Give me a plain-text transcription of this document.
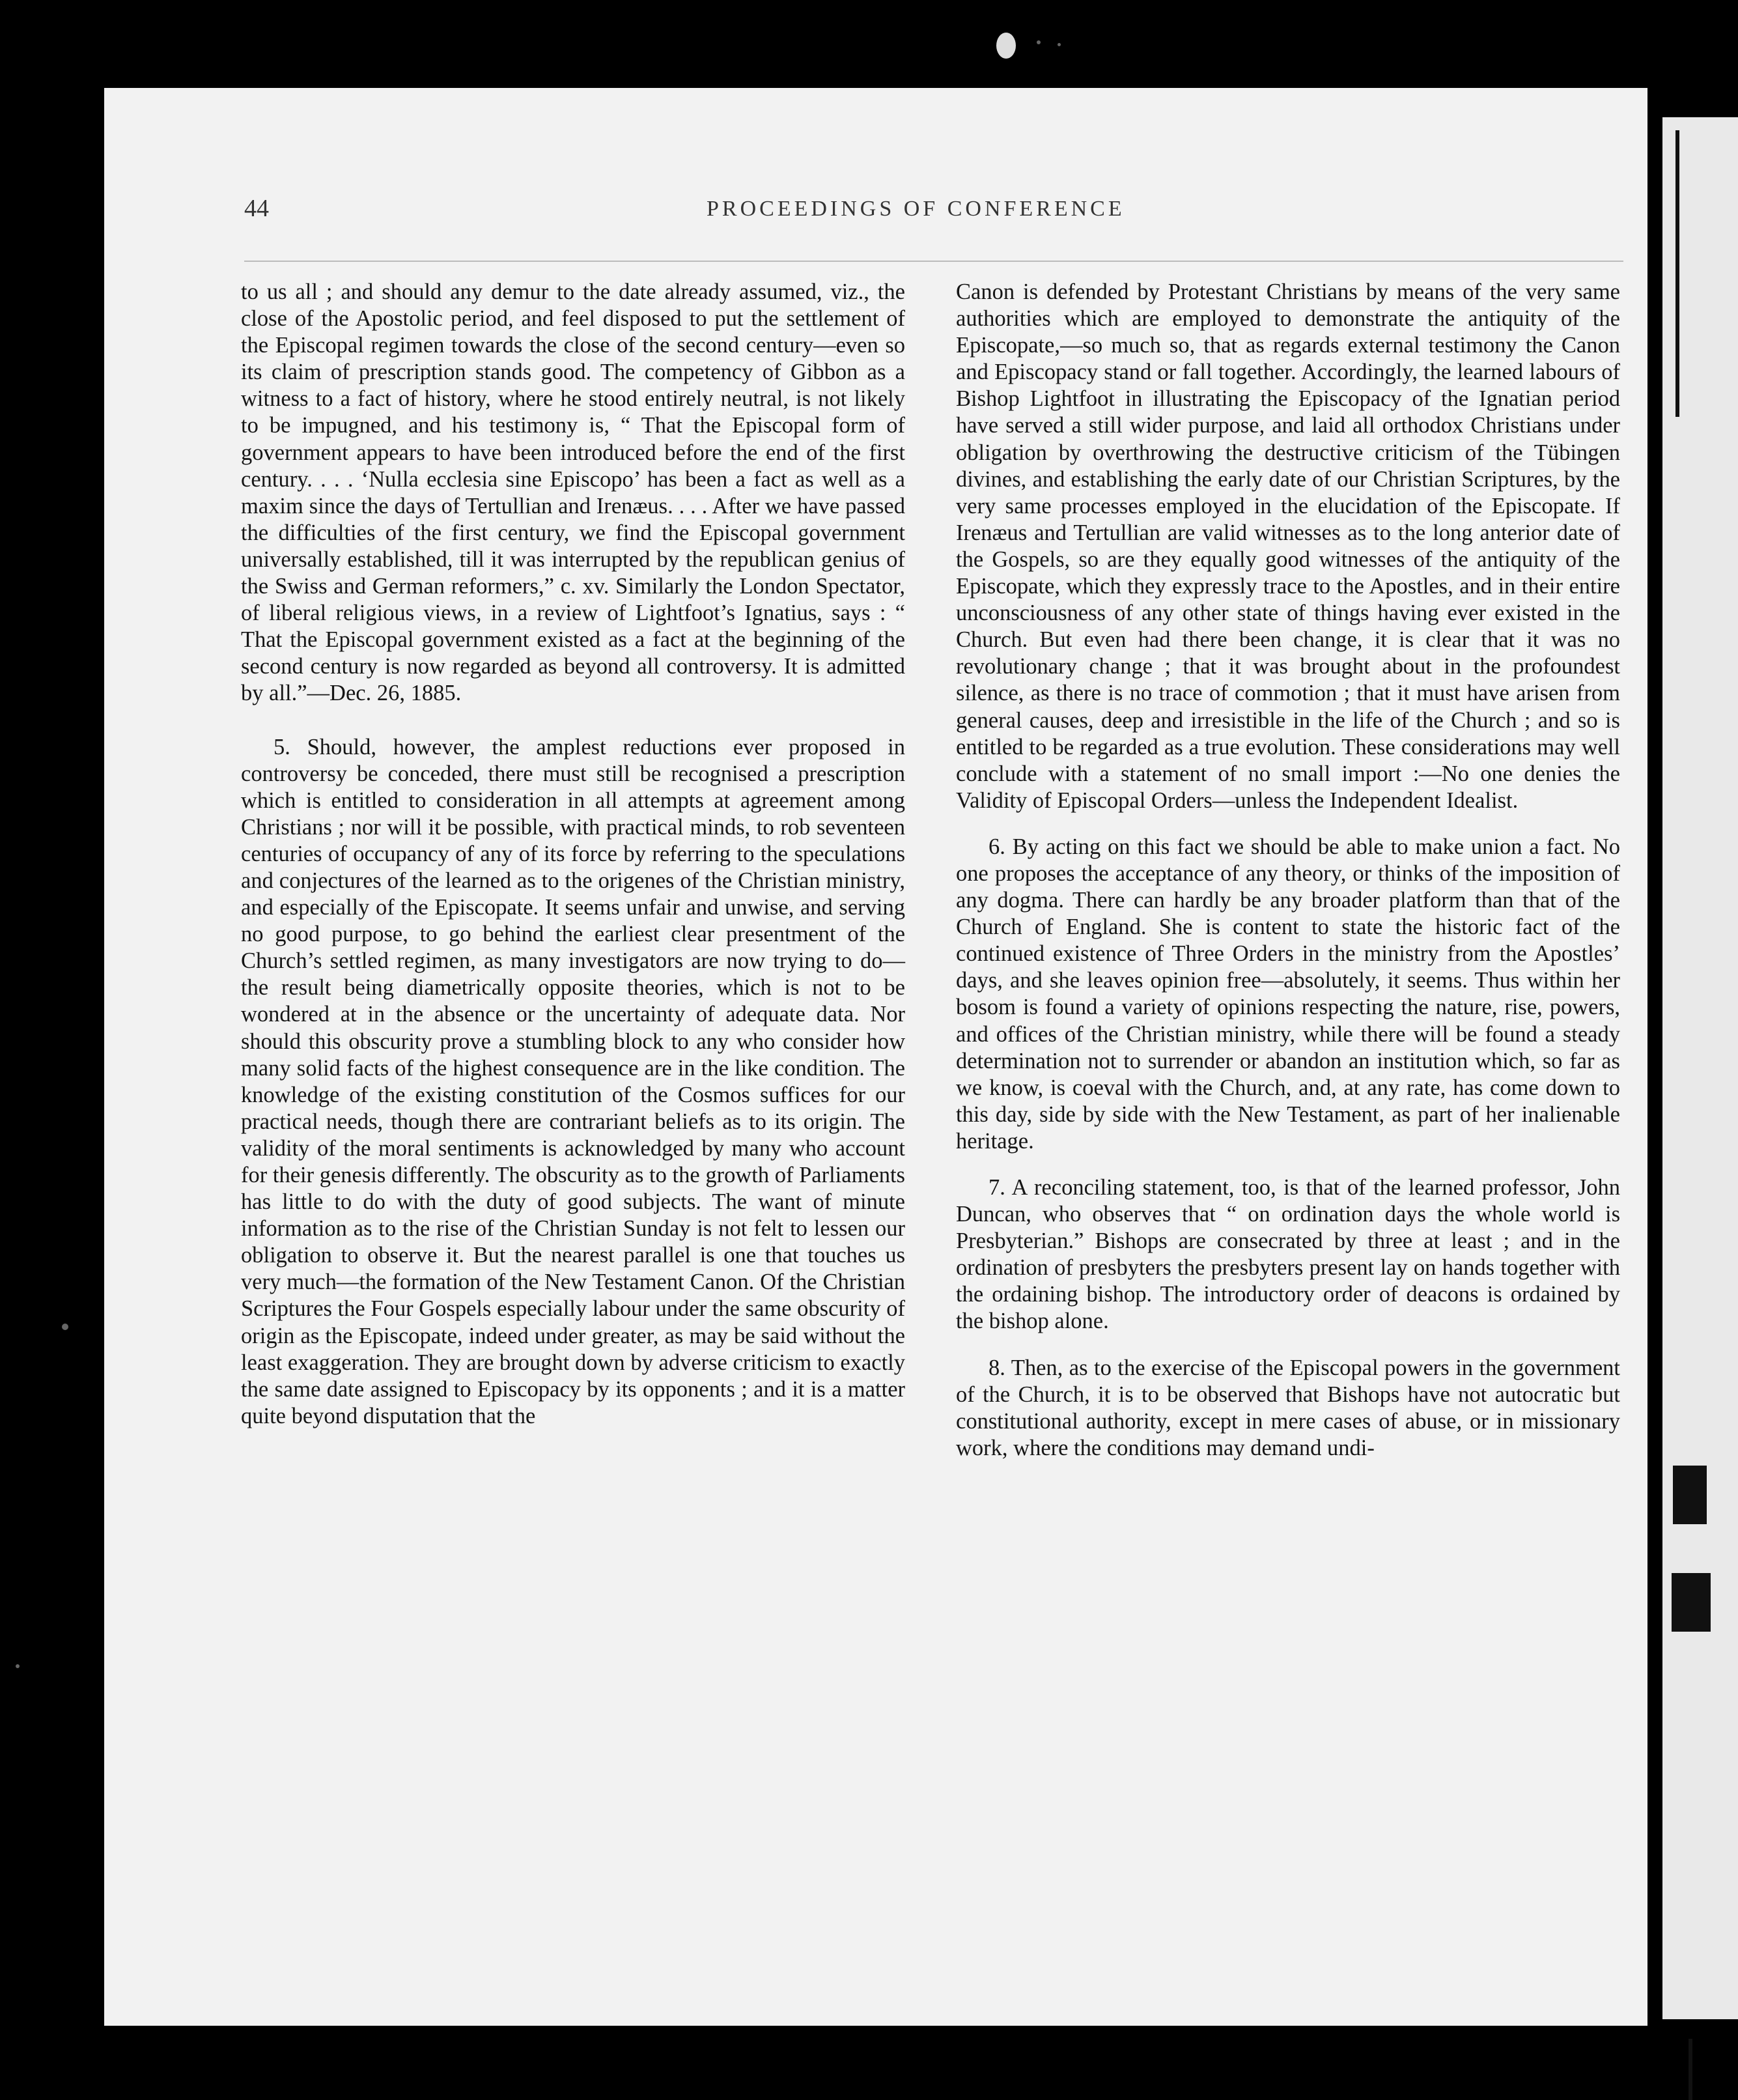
44	PROCEEDINGS OF CONFERENCE

to us all ; and should any demur to the date already assumed, viz., the close of the Apostolic period, and feel disposed to put the settlement of the Episcopal regimen towards the close of the second century—even so its claim of prescription stands good. The competency of Gibbon as a witness to a fact of history, where he stood entirely neutral, is not likely to be impugned, and his testimony is, “ That the Episcopal form of government appears to have been introduced before the end of the first century. . . . ‘Nulla ecclesia sine Episcopo’ has been a fact as well as a maxim since the days of Tertullian and Irenæus. . . . After we have passed the difficulties of the first century, we find the Episcopal government universally established, till it was interrupted by the republican genius of the Swiss and German reformers,” c. xv. Similarly the London Spectator, of liberal religious views, in a review of Lightfoot’s Ignatius, says : “ That the Episcopal government existed as a fact at the beginning of the second century is now regarded as beyond all controversy. It is admitted by all.”—Dec. 26, 1885.

5. Should, however, the amplest reductions ever proposed in controversy be conceded, there must still be recognised a prescription which is entitled to consideration in all attempts at agreement among Christians ; nor will it be possible, with practical minds, to rob seventeen centuries of occupancy of any of its force by referring to the speculations and conjectures of the learned as to the origenes of the Christian ministry, and especially of the Episcopate. It seems unfair and unwise, and serving no good purpose, to go behind the earliest clear presentment of the Church’s settled regimen, as many investigators are now trying to do—the result being diametrically opposite theories, which is not to be wondered at in the absence or the uncertainty of adequate data. Nor should this obscurity prove a stumbling block to any who consider how many solid facts of the highest consequence are in the like condition. The knowledge of the existing constitution of the Cosmos suffices for our practical needs, though there are contrariant beliefs as to its origin. The validity of the moral sentiments is acknowledged by many who account for their genesis differently. The obscurity as to the growth of Parliaments has little to do with the duty of good subjects. The want of minute information as to the rise of the Christian Sunday is not felt to lessen our obligation to observe it. But the nearest parallel is one that touches us very much—the formation of the New Testament Canon. Of the Christian Scriptures the Four Gospels especially labour under the same obscurity of origin as the Episcopate, indeed under greater, as may be said without the least exaggeration. They are brought down by adverse criticism to exactly the same date assigned to Episcopacy by its opponents ; and it is a matter quite beyond disputation that the

Canon is defended by Protestant Christians by means of the very same authorities which are employed to demonstrate the antiquity of the Episcopate,—so much so, that as regards external testimony the Canon and Episcopacy stand or fall together. Accordingly, the learned labours of Bishop Lightfoot in illustrating the Episcopacy of the Ignatian period have served a still wider purpose, and laid all orthodox Christians under obligation by overthrowing the destructive criticism of the Tübingen divines, and establishing the early date of our Christian Scriptures, by the very same processes employed in the elucidation of the Episcopate. If Irenæus and Tertullian are valid witnesses as to the long anterior date of the Gospels, so are they equally good witnesses of the antiquity of the Episcopate, which they expressly trace to the Apostles, and in their entire unconsciousness of any other state of things having ever existed in the Church. But even had there been change, it is clear that it was no revolutionary change ; that it was brought about in the profoundest silence, as there is no trace of commotion ; that it must have arisen from general causes, deep and irresistible in the life of the Church ; and so is entitled to be regarded as a true evolution. These considerations may well conclude with a statement of no small import :—No one denies the Validity of Episcopal Orders—unless the Independent Idealist.

6. By acting on this fact we should be able to make union a fact. No one proposes the acceptance of any theory, or thinks of the imposition of any dogma. There can hardly be any broader platform than that of the Church of England. She is content to state the historic fact of the continued existence of Three Orders in the ministry from the Apostles’ days, and she leaves opinion free—absolutely, it seems. Thus within her bosom is found a variety of opinions respecting the nature, rise, powers, and offices of the Christian ministry, while there will be found a steady determination not to surrender or abandon an institution which, so far as we know, is coeval with the Church, and, at any rate, has come down to this day, side by side with the New Testament, as part of her inalienable heritage.

7. A reconciling statement, too, is that of the learned professor, John Duncan, who observes that “ on ordination days the whole world is Presbyterian.” Bishops are consecrated by three at least ; and in the ordination of presbyters the presbyters present lay on hands together with the ordaining bishop. The introductory order of deacons is ordained by the bishop alone.

8. Then, as to the exercise of the Episcopal powers in the government of the Church, it is to be observed that Bishops have not autocratic but constitutional authority, except in mere cases of abuse, or in missionary work, where the conditions may demand undi-
